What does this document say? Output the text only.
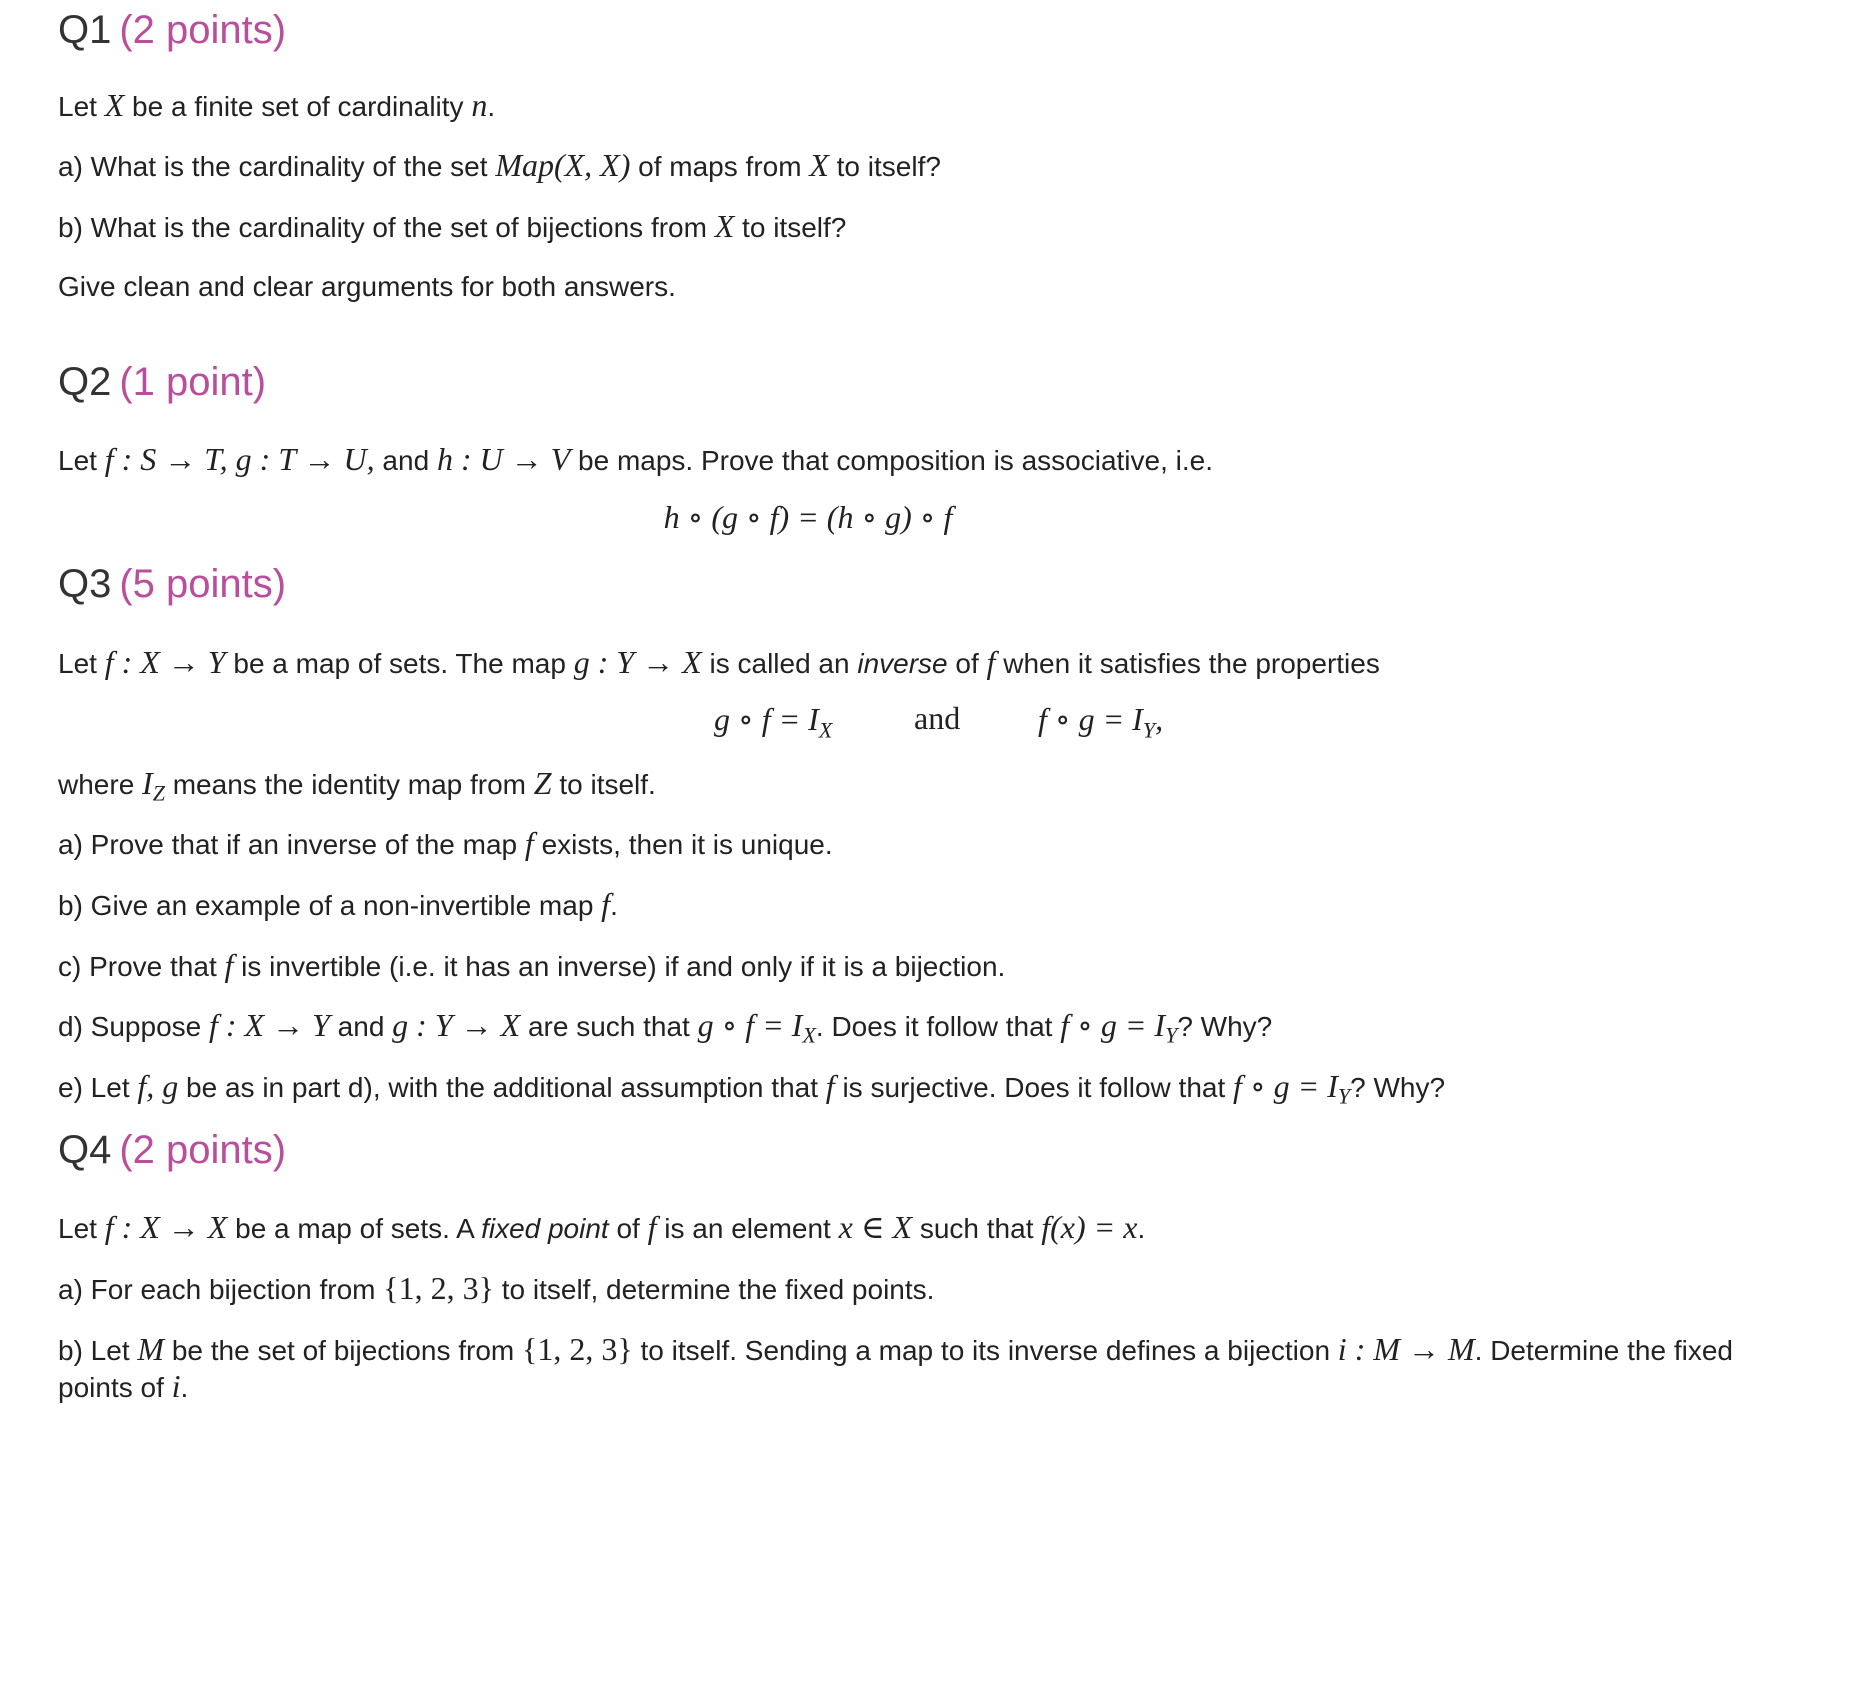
Q1 (2 points)

Let X be a finite set of cardinality n.

a) What is the cardinality of the set Map(X, X) of maps from X to itself?

b) What is the cardinality of the set of bijections from X to itself?

Give clean and clear arguments for both answers.

Q2 (1 point)

Let f : S → T, g : T → U, and h : U → V be maps. Prove that composition is associative, i.e.

h ∘ (g ∘ f) = (h ∘ g) ∘ f
Q3 (5 points)

Let f : X → Y be a map of sets. The map g : Y → X is called an inverse of f when it satisfies the properties

g ∘ $f = I_X$	and f ∘ $g = I_Y$,

where $I_Z$ means the identity map from Z to itself.

a) Prove that if an inverse of the map f exists, then it is unique.

b) Give an example of a non-invertible map f.

c) Prove that f is invertible (i.e. it has an inverse) if and only if it is a bijection.

d) Suppose f : X → Y and g : Y → X are such that g ∘ $f = I_X$. Does it follow that f ∘ $g = I_Y$? Why?

e) Let f, g be as in part d), with the additional assumption that f is surjective. Does it follow that f ∘ $g = I_Y$? Why?

Q4 (2 points)

Let f : X → X be a map of sets. A fixed point of f is an element x ∈ X such that f(x) = x.

a) For each bijection from {1, 2, 3} to itself, determine the fixed points.

b) Let M be the set of bijections from {1, 2, 3} to itself. Sending a map to its inverse defines a bijection i : M → M. Determine the fixed

points of i.
